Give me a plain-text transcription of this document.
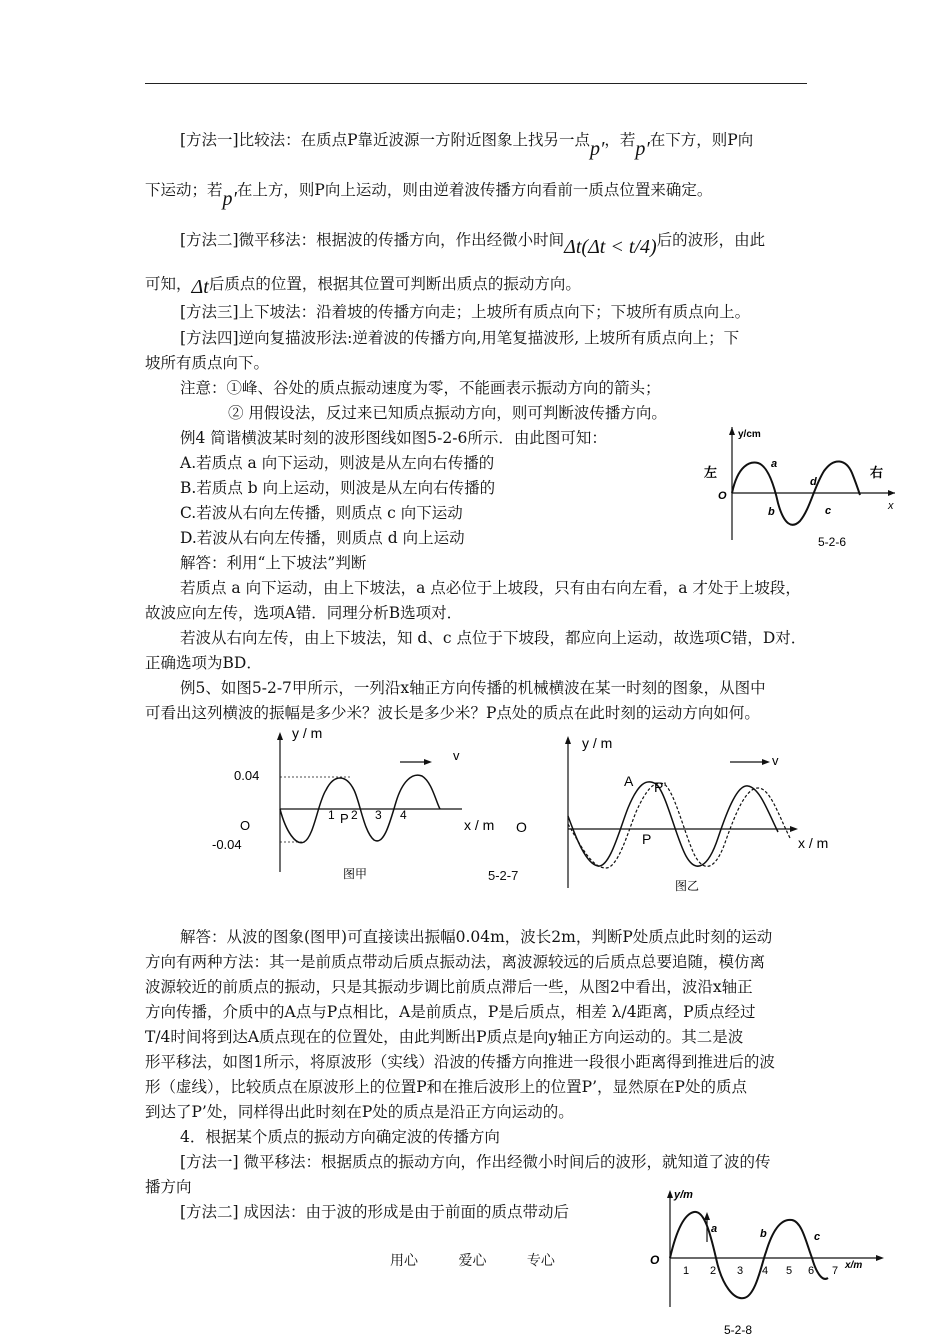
[方法一]比较法：在质点P靠近波源一方附近图象上找另一点p′，若p′在下方，则P向
下运动；若p′在上方，则P向上运动，则由逆着波传播方向看前一质点位置来确定。
[方法二]微平移法：根据波的传播方向，作出经微小时间Δt(Δt < t/4)后的波形，由此
可知，Δt后质点的位置，根据其位置可判断出质点的振动方向。
[方法三]上下坡法：沿着坡的传播方向走；上坡所有质点向下；下坡所有质点向上。
[方法四]逆向复描波形法:逆着波的传播方向,用笔复描波形, 上坡所有质点向上；下
坡所有质点向下。
注意：①峰、谷处的质点振动速度为零，不能画表示振动方向的箭头；
② 用假设法，反过来已知质点振动方向，则可判断波传播方向。
例4 简谐横波某时刻的波形图线如图5-2-6所示．由此图可知：
A.若质点 a 向下运动，则波是从左向右传播的
B.若质点 b 向上运动，则波是从左向右传播的
C.若波从右向左传播，则质点 c 向下运动
D.若波从右向左传播，则质点 d 向上运动
解答：利用“上下坡法”判断
若质点 a 向下运动，由上下坡法，a 点必位于上坡段，只有由右向左看，a 才处于上坡段，
故波应向左传，选项A错．同理分析B选项对．
若波从右向左传，由上下坡法，知 d、c 点位于下坡段，都应向上运动，故选项C错，D对．
正确选项为BD．
y/cm
左	右
O
x
a
b	c
d
5-2-6
例5、如图5-2-7甲所示，一列沿x轴正方向传播的机械横波在某一时刻的图象，从图中
可看出这列横波的振幅是多少米？波长是多少米？P点处的质点在此时刻的运动方向如何。
y / m
v
0.04
O
-0.04
1 P 2 3 4
x / m
图甲	5-2-7
y / m
v
O
A P’
P	x / m
图乙
解答：从波的图象(图甲)可直接读出振幅0.04m，波长2m，判断P处质点此时刻的运动
方向有两种方法：其一是前质点带动后质点振动法，离波源较远的后质点总要追随，模仿离
波源较近的前质点的振动，只是其振动步调比前质点滞后一些，从图2中看出，波沿x轴正
方向传播，介质中的A点与P点相比，A是前质点，P是后质点，相差 λ/4距离，P质点经过
T/4时间将到达A质点现在的位置处，由此判断出P质点是向y轴正方向运动的。其二是波
形平移法，如图1所示，将原波形（实线）沿波的传播方向推进一段很小距离得到推进后的波
形（虚线），比较质点在原波形上的位置P和在推后波形上的位置P’，显然原在P处的质点
到达了P’处，同样得出此时刻在P处的质点是沿正方向运动的。
4．根据某个质点的振动方向确定波的传播方向
[方法一] 微平移法：根据质点的振动方向，作出经微小时间后的波形，就知道了波的传
播方向
[方法二] 成因法：由于波的形成是由于前面的质点带动后
y/m
O
1 2 3 4 5 6 7 x/m
a	b	c
5-2-8
用心	爱心	专心
